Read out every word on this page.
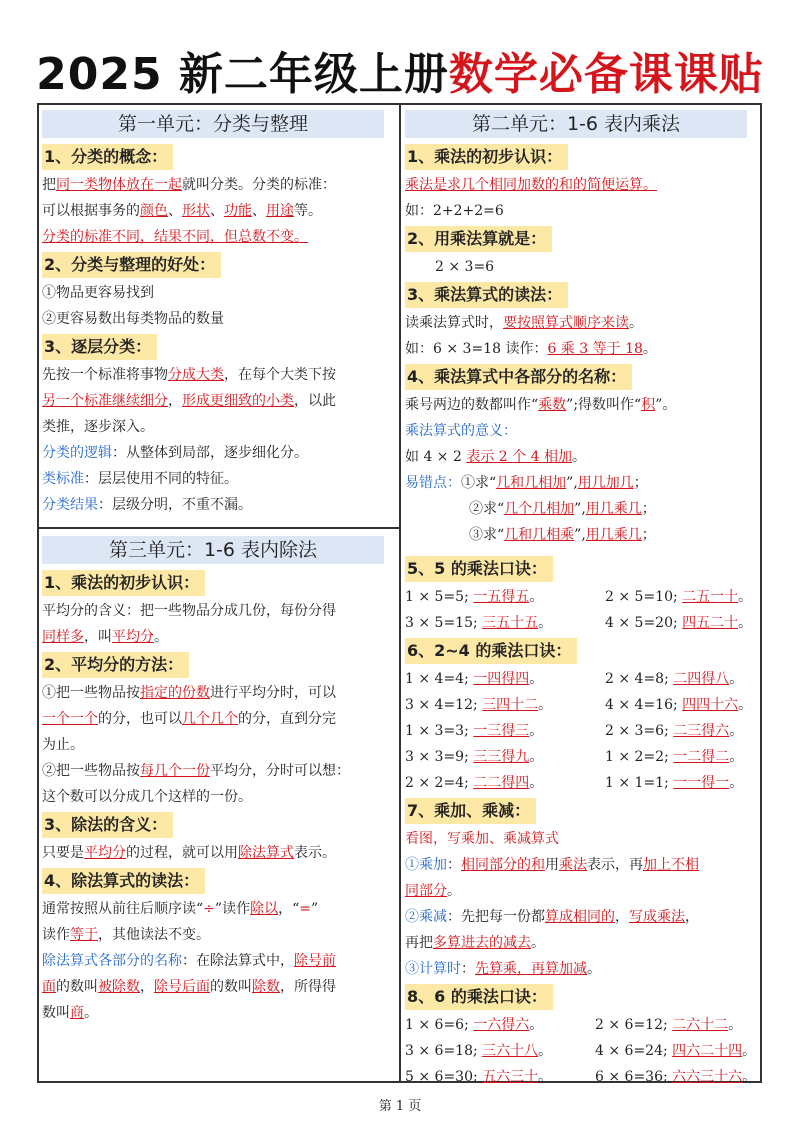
2025 新二年级上册数学必备课课贴
第一单元：分类与整理
1、分类的概念：

把同一类物体放在一起就叫分类。分类的标准：

可以根据事务的颜色、形状、功能、用途等。

分类的标准不同，结果不同，但总数不变。

2、分类与整理的好处：

①物品更容易找到

②更容易数出每类物品的数量

3、逐层分类：

先按一个标准将事物分成大类，在每个大类下按

另一个标准继续细分，形成更细致的小类，以此

类推，逐步深入。

分类的逻辑：从整体到局部，逐步细化分。

类标准：层层使用不同的特征。

分类结果：层级分明，不重不漏。

第三单元：1-6 表内除法
1、乘法的初步认识：

平均分的含义：把一些物品分成几份，每份分得

同样多，叫平均分。

2、平均分的方法：

①把一些物品按指定的份数进行平均分时，可以

一个一个的分，也可以几个几个的分，直到分完

为止。

②把一些物品按每几个一份平均分，分时可以想：

这个数可以分成几个这样的一份。

3、除法的含义：

只要是平均分的过程，就可以用除法算式表示。

4、除法算式的读法：

通常按照从前往后顺序读“÷”读作除以，“=”

读作等于，其他读法不变。

除法算式各部分的名称：在除法算式中，除号前

面的数叫被除数，除号后面的数叫除数，所得得

数叫商。

第二单元：1-6 表内乘法
1、乘法的初步认识：

乘法是求几个相同加数的和的简便运算。

如：2+2+2=6

2、用乘法算就是：

2 × 3=6

3、乘法算式的读法：

读乘法算式时，要按照算式顺序来读。

如：6 × 3=18 读作：6 乘 3 等于 18。

4、乘法算式中各部分的名称：

乘号两边的数都叫作“乘数”;得数叫作“积”。

乘法算式的意义：

如 4 × 2 表示 2 个 4 相加。

易错点：①求“几和几相加”,用几加几；

②求“几个几相加”,用几乘几；

③求“几和几相乘”,用几乘几；

5、5 的乘法口诀：
1 × 5=5; 一五得五。	2 × 5=10; 二五一十。
3 × 5=15; 三五十五。	4 × 5=20; 四五二十。
6、2~4 的乘法口诀：
1 × 4=4; 一四得四。	2 × 4=8; 二四得八。
3 × 4=12; 三四十二。	4 × 4=16; 四四十六。
1 × 3=3; 一三得三。	2 × 3=6; 二三得六。
3 × 3=9; 三三得九。	1 × 2=2; 一二得二。
2 × 2=4; 二二得四。	1 × 1=1; 一一得一。
7、乘加、乘减：

看图，写乘加、乘减算式

①乘加：相同部分的和用乘法表示，再加上不相

同部分。

②乘减：先把每一份都算成相同的，写成乘法，

再把多算进去的减去。

③计算时：先算乘，再算加减。

8、6 的乘法口诀：
1 × 6=6; 一六得六。	2 × 6=12; 二六十二。
3 × 6=18; 三六十八。	4 × 6=24; 四六二十四。
5 × 6=30; 五六三十。	6 × 6=36; 六六三十六。
第 1 页
